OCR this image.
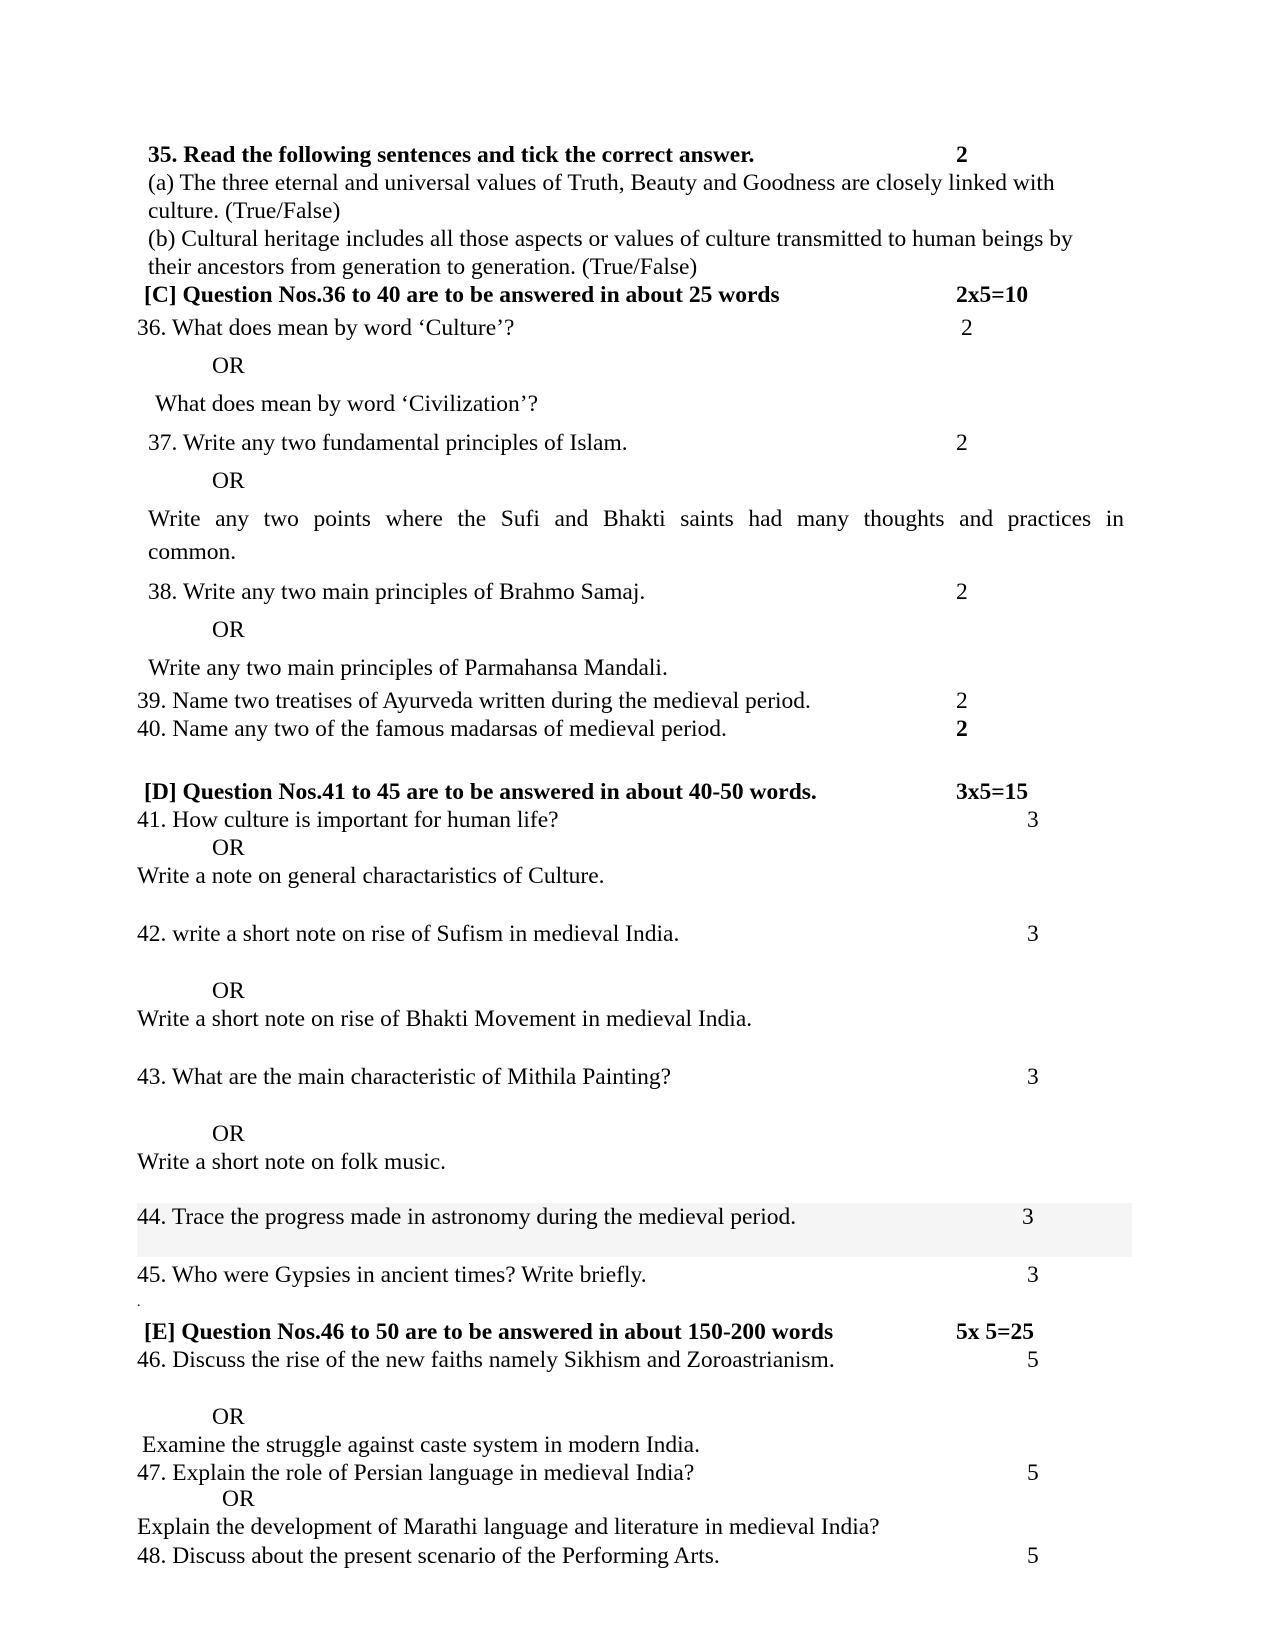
35. Read the following sentences and tick the correct answer.	2
(a) The three eternal and universal values of Truth, Beauty and Goodness are closely linked with
culture. (True/False)
(b) Cultural heritage includes all those aspects or values of culture transmitted to human beings by
their ancestors from generation to generation. (True/False)
[C] Question Nos.36 to 40 are to be answered in about 25 words	2x5=10
36. What does mean by word ‘Culture’?	2
OR
What does mean by word ‘Civilization’?
37. Write any two fundamental principles of Islam.	2
OR
Write any two points where the Sufi and Bhakti saints had many thoughts and practices in
common.
38. Write any two main principles of Brahmo Samaj.	2
OR
Write any two main principles of Parmahansa Mandali.
39. Name two treatises of Ayurveda written during the medieval period.	2
40. Name any two of the famous madarsas of medieval period.	2
[D] Question Nos.41 to 45 are to be answered in about 40-50 words.	3x5=15
41. How culture is important for human life?	3
OR
Write a note on general charactaristics of Culture.
42. write a short note on rise of Sufism in medieval India.	3
OR
Write a short note on rise of Bhakti Movement in medieval India.
43. What are the main characteristic of Mithila Painting?	3
OR
Write a short note on folk music.
44. Trace the progress made in astronomy during the medieval period.	3
45. Who were Gypsies in ancient times? Write briefly.	3
.
[E] Question Nos.46 to 50 are to be answered in about 150-200 words	5x 5=25
46. Discuss the rise of the new faiths namely Sikhism and Zoroastrianism.	5
OR
Examine the struggle against caste system in modern India.
47. Explain the role of Persian language in medieval India?	5
OR
Explain the development of Marathi language and literature in medieval India?
48. Discuss about the present scenario of the Performing Arts.	5
